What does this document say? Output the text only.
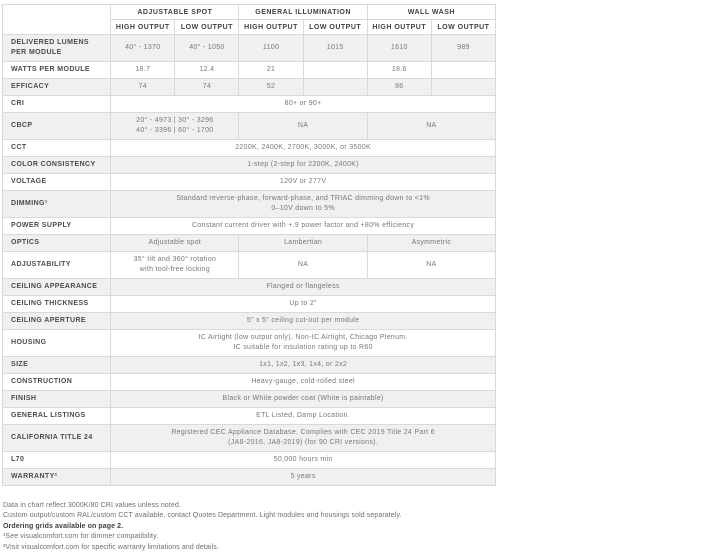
	ADJUSTABLE SPOT		GENERAL ILLUMINATION		WALL WASH	
	HIGH OUTPUT	LOW OUTPUT	HIGH OUTPUT	LOW OUTPUT	HIGH OUTPUT	LOW OUTPUT
DELIVERED LUMENS PER MODULE	40° - 1370	40° - 1050	1100	1015	1610	989
WATTS PER MODULE	18.7	12.4	21		18.6	
EFFICACY	74	74	52		86	
CRI	80+ or 90+					
CBCP	20° - 4973 | 30° - 3296
40° - 3396 | 60° - 1700		NA		NA	
CCT	2200K, 2400K, 2700K, 3000K, or 3500K					
COLOR CONSISTENCY	1-step (2-step for 2200K, 2400K)					
VOLTAGE	120V or 277V					
DIMMING¹	Standard reverse-phase, forward-phase, and TRIAC dimming down to <1%
0–10V down to 5%					

POWER SUPPLY	Constant current driver with +.9 power factor and +80% efficiency					
OPTICS	Adjustable spot		Lambertian		Asymmetric	
ADJUSTABILITY	35° tilt and 360° rotation
with tool-free locking		NA		NA	
CEILING APPEARANCE	Flanged or flangeless					
CEILING THICKNESS	Up to 2"					
CEILING APERTURE	5" x 5" ceiling cut-out per module					
HOUSING	IC Airtight (low output only), Non-IC Airtight, Chicago Plenum.
IC suitable for insulation rating up to R60					

SIZE	1x1, 1x2, 1x3, 1x4, or 2x2					
CONSTRUCTION	Heavy-gauge, cold-rolled steel					
FINISH	Black or White powder coat (White is paintable)					
GENERAL LISTINGS	ETL Listed, Damp Location.					
CALIFORNIA TITLE 24	Registered CEC Appliance Database. Complies with CEC 2019 Title 24 Part 6
(JA8-2016, JA8-2019) (for 90 CRI versions).					

L70	50,000 hours min					
WARRANTY²	5 years					
Data in chart reflect 3000K/80 CRI values unless noted.
Custom output/custom RAL/custom CCT available, contact Quotes Department. Light modules and housings sold separately.
Ordering grids available on page 2.
¹See visualcomfort.com for dimmer compatibility.
²Visit visualcomfort.com for specific warranty limitations and details.
